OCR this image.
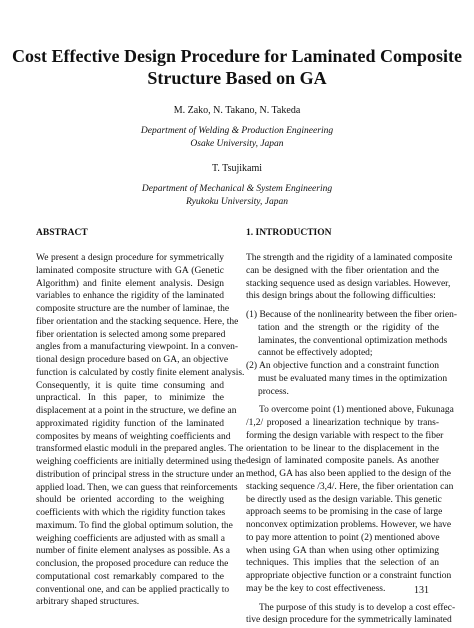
Cost Effective Design Procedure for Laminated Composite
Structure Based on GA
M. Zako, N. Takano, N. Takeda
Department of Welding & Production Engineering
Osake University, Japan
T. Tsujikami
Department of Mechanical & System Engineering
Ryukoku University, Japan
ABSTRACT
We present a design procedure for symmetrically
laminated composite structure with GA (Genetic
Algorithm) and finite element analysis. Design
variables to enhance the rigidity of the laminated
composite structure are the number of laminae, the
fiber orientation and the stacking sequence. Here, the
fiber orientation is selected among some prepared
angles from a manufacturing viewpoint. In a conven-
tional design procedure based on GA, an objective
function is calculated by costly finite element analysis.
Consequently, it is quite time consuming and
unpractical. In this paper, to minimize the
displacement at a point in the structure, we define an
approximated rigidity function of the laminated
composites by means of weighting coefficients and
transformed elastic moduli in the prepared angles. The
weighing coefficients are initially determined using the
distribution of principal stress in the structure under an
applied load. Then, we can guess that reinforcements
should be oriented according to the weighing
coefficients with which the rigidity function takes
maximum. To find the global optimum solution, the
weighing coefficients are adjusted with as small a
number of finite element analyses as possible. As a
conclusion, the proposed procedure can reduce the
computational cost remarkably compared to the
conventional one, and can be applied practically to
arbitrary shaped structures.
1. INTRODUCTION
The strength and the rigidity of a laminated composite
can be designed with the fiber orientation and the
stacking sequence used as design variables. However,
this design brings about the following difficulties:
(1) Because of the nonlinearity between the fiber orien-
tation and the strength or the rigidity of the
laminates, the conventional optimization methods
cannot be effectively adopted;
(2) An objective function and a constraint function
must be evaluated many times in the optimization
process.
To overcome point (1) mentioned above, Fukunaga
/1,2/ proposed a linearization technique by trans-
forming the design variable with respect to the fiber
orientation to be linear to the displacement in the
design of laminated composite panels. As another
method, GA has also been applied to the design of the
stacking sequence /3,4/. Here, the fiber orientation can
be directly used as the design variable. This genetic
approach seems to be promising in the case of large
nonconvex optimization problems. However, we have
to pay more attention to point (2) mentioned above
when using GA than when using other optimizing
techniques. This implies that the selection of an
appropriate objective function or a constraint function
may be the key to cost effectiveness.
The purpose of this study is to develop a cost effec-
tive design procedure for the symmetrically laminated
131
